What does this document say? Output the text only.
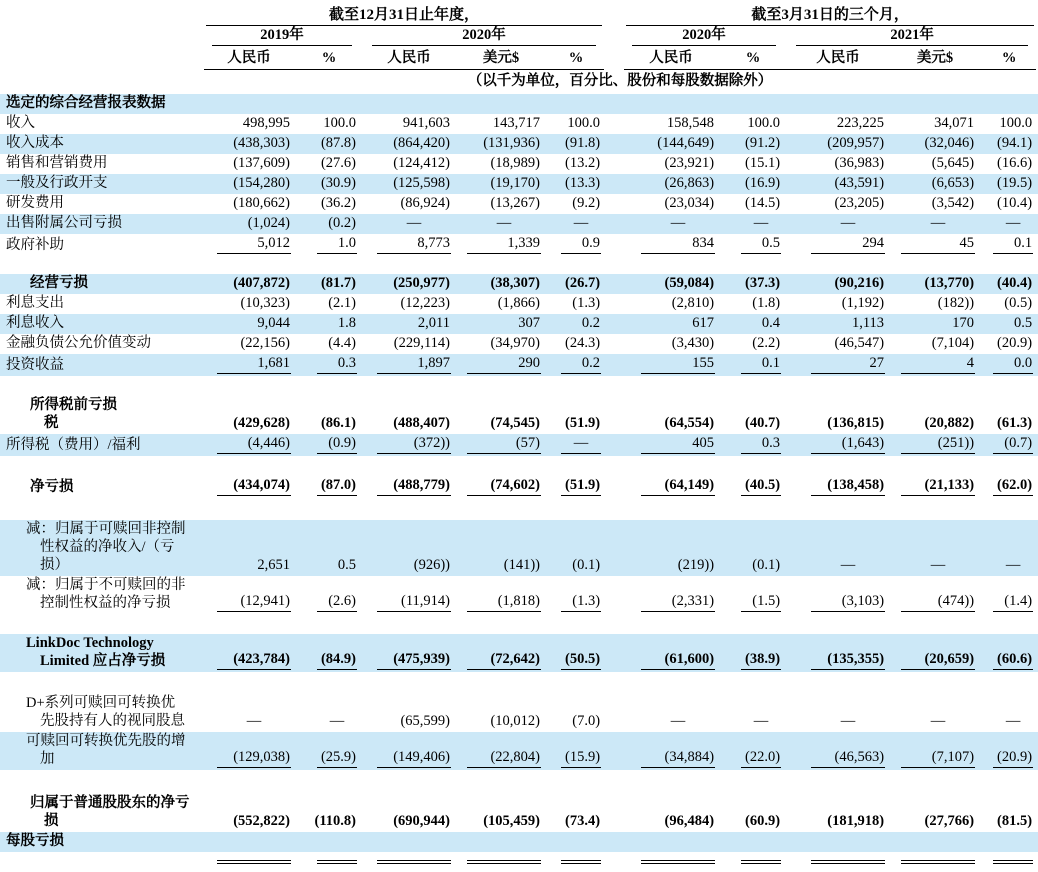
	截至12月31日止年度，						截至3月31日的三个月，				

	2019年		2020年				2020年		2021年		

	人民币	%	人民币	美元$	%		人民币	%	人民币	美元$	%

	（以千为单位，百分比、股份和每股数据除外）										

选定的综合经营报表数据											

收入	498,995	100.0	941,603	143,717	100.0		158,548	100.0	223,225	34,071	100.0

收入成本	(438,303)	(87.8)	(864,420)	(131,936)	(91.8)		(144,649)	(91.2)	(209,957)	(32,046)	(94.1)

销售和营销费用	(137,609)	(27.6)	(124,412)	(18,989)	(13.2)		(23,921)	(15.1)	(36,983)	(5,645)	(16.6)

一般及行政开支	(154,280)	(30.9)	(125,598)	(19,170)	(13.3)		(26,863)	(16.9)	(43,591)	(6,653)	(19.5)

研发费用	(180,662)	(36.2)	(86,924)	(13,267)	(9.2)		(23,034)	(14.5)	(23,205)	(3,542)	(10.4)

出售附属公司亏损	(1,024)	(0.2)	—	—	—		—	—	—	—	—

政府补助	5,012	1.0	8,773	1,339	0.9		834	0.5	294	45	0.1

经营亏损	(407,872)	(81.7)	(250,977)	(38,307)	(26.7)		(59,084)	(37.3)	(90,216)	(13,770)	(40.4)

利息支出	(10,323)	(2.1)	(12,223)	(1,866)	(1.3)		(2,810)	(1.8)	(1,192)	(182))	(0.5)

利息收入	9,044	1.8	2,011	307	0.2		617	0.4	1,113	170	0.5

金融负债公允价值变动	(22,156)	(4.4)	(229,114)	(34,970)	(24.3)		(3,430)	(2.2)	(46,547)	(7,104)	(20.9)

投资收益	1,681	0.3	1,897	290	0.2		155	0.1	27	4	0.0

所得税前亏损
税	(429,628)	(86.1)	(488,407)	(74,545)	(51.9)		(64,554)	(40.7)	(136,815)	(20,882)	(61.3)

所得税（费用）/福利	(4,446)	(0.9)	(372))	(57)	—		405	0.3	(1,643)	(251))	(0.7)

净亏损	(434,074)	(87.0)	(488,779)	(74,602)	(51.9)		(64,149)	(40.5)	(138,458)	(21,133)	(62.0)

减：归属于可赎回非控制
性权益的净收入/（亏
损）	2,651	0.5	(926))	(141))	(0.1)		(219))	(0.1)	—	—	—

减：归属于不可赎回的非
控制性权益的净亏损	(12,941)	(2.6)	(11,914)	(1,818)	(1.3)		(2,331)	(1.5)	(3,103)	(474))	(1.4)

LinkDoc Technology
Limited 应占净亏损	(423,784)	(84.9)	(475,939)	(72,642)	(50.5)		(61,600)	(38.9)	(135,355)	(20,659)	(60.6)

D+系列可赎回可转换优
先股持有人的视同股息	—	—	(65,599)	(10,012)	(7.0)		—	—	—	—	—

可赎回可转换优先股的增
加	(129,038)	(25.9)	(149,406)	(22,804)	(15.9)		(34,884)	(22.0)	(46,563)	(7,107)	(20.9)

归属于普通股股东的净亏
损	(552,822)	(110.8)	(690,944)	(105,459)	(73.4)		(96,484)	(60.9)	(181,918)	(27,766)	(81.5)

每股亏损											
